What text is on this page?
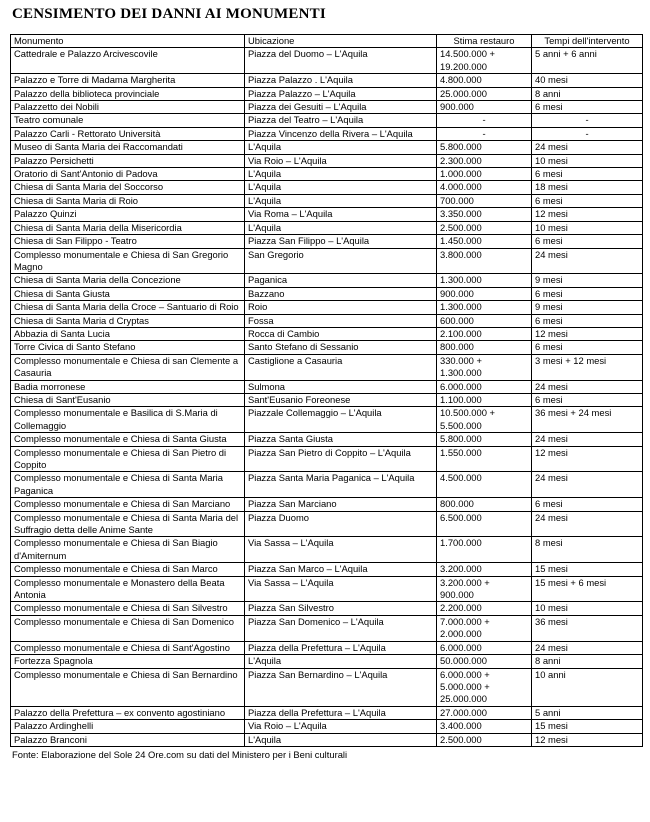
CENSIMENTO DEI DANNI AI MONUMENTI
Monumento	Ubicazione	Stima restauro	Tempi dell'intervento
Cattedrale e Palazzo Arcivescovile	Piazza del Duomo – L'Aquila	14.500.000 +
19.200.000	5 anni + 6 anni
Palazzo e Torre di Madama Margherita	Piazza Palazzo . L'Aquila	4.800.000	40 mesi
Palazzo della biblioteca provinciale	Piazza Palazzo – L'Aquila	25.000.000	8 anni
Palazzetto dei Nobili	Piazza dei Gesuiti – L'Aquila	900.000	6 mesi
Teatro comunale	Piazza del Teatro – L'Aquila	-	-
Palazzo Carli - Rettorato Università	Piazza Vincenzo della Rivera – L'Aquila	-	-
Museo di Santa Maria dei Raccomandati	L'Aquila	5.800.000	24 mesi
Palazzo Persichetti	Via Roio – L'Aquila	2.300.000	10 mesi
Oratorio di Sant'Antonio di Padova	L'Aquila	1.000.000	6 mesi
Chiesa di Santa Maria del Soccorso	L'Aquila	4.000.000	18 mesi
Chiesa di Santa Maria di Roio	L'Aquila	700.000	6 mesi
Palazzo Quinzi	Via Roma – L'Aquila	3.350.000	12 mesi
Chiesa di Santa Maria della Misericordia	L'Aquila	2.500.000	10 mesi
Chiesa di San Filippo - Teatro	Piazza San Filippo – L'Aquila	1.450.000	6 mesi
Complesso monumentale e Chiesa di San Gregorio Magno	San Gregorio	3.800.000	24 mesi
Chiesa di Santa Maria della Concezione	Paganica	1.300.000	9 mesi
Chiesa di Santa Giusta	Bazzano	900.000	6 mesi
Chiesa di Santa Maria della Croce – Santuario di Roio	Roio	1.300.000	9 mesi
Chiesa di Santa Maria d Cryptas	Fossa	600.000	6 mesi
Abbazia di Santa Lucia	Rocca di Cambio	2.100.000	12 mesi
Torre Civica di Santo Stefano	Santo Stefano di Sessanio	800.000	6 mesi
Complesso monumentale e Chiesa di san Clemente a Casauria	Castiglione a Casauria	330.000 +
1.300.000	3 mesi + 12 mesi
Badia morronese	Sulmona	6.000.000	24 mesi
Chiesa di Sant'Eusanio	Sant'Eusanio Foreonese	1.100.000	6 mesi
Complesso monumentale e Basilica di S.Maria di Collemaggio	Piazzale Collemaggio – L'Aquila	10.500.000 +
5.500.000	36 mesi + 24 mesi
Complesso monumentale e Chiesa di Santa Giusta	Piazza Santa Giusta	5.800.000	24 mesi
Complesso monumentale e Chiesa di San Pietro di Coppito	Piazza San Pietro di Coppito – L'Aquila	1.550.000	12 mesi
Complesso monumentale e Chiesa di Santa Maria Paganica	Piazza Santa Maria Paganica – L'Aquila	4.500.000	24 mesi
Complesso monumentale e Chiesa di San Marciano	Piazza San Marciano	800.000	6 mesi
Complesso monumentale e Chiesa di Santa Maria del Suffragio detta delle Anime Sante	Piazza Duomo	6.500.000	24 mesi
Complesso monumentale e Chiesa di San Biagio d'Amiternum	Via Sassa – L'Aquila	1.700.000	8 mesi
Complesso monumentale e Chiesa di San Marco	Piazza San Marco – L'Aquila	3.200.000	15 mesi
Complesso monumentale e Monastero della Beata Antonia	Via Sassa – L'Aquila	3.200.000 +
900.000	15 mesi + 6 mesi
Complesso monumentale e Chiesa di San Silvestro	Piazza San Silvestro	2.200.000	10 mesi
Complesso monumentale e Chiesa di San Domenico	Piazza San Domenico – L'Aquila	7.000.000 +
2.000.000	36 mesi
Complesso monumentale e Chiesa di Sant'Agostino	Piazza della Prefettura – L'Aquila	6.000.000	24 mesi
Fortezza Spagnola	L'Aquila	50.000.000	8 anni
Complesso monumentale e Chiesa di San Bernardino	Piazza San Bernardino – L'Aquila	6.000.000 +
5.000.000 +
25.000.000	10 anni
Palazzo della Prefettura – ex convento agostiniano	Piazza della Prefettura – L'Aquila	27.000.000	5 anni
Palazzo Ardinghelli	Via Roio – L'Aquila	3.400.000	15 mesi
Palazzo Branconi	L'Aquila	2.500.000	12 mesi
Fonte: Elaborazione del Sole 24 Ore.com su dati del Ministero per i Beni culturali
